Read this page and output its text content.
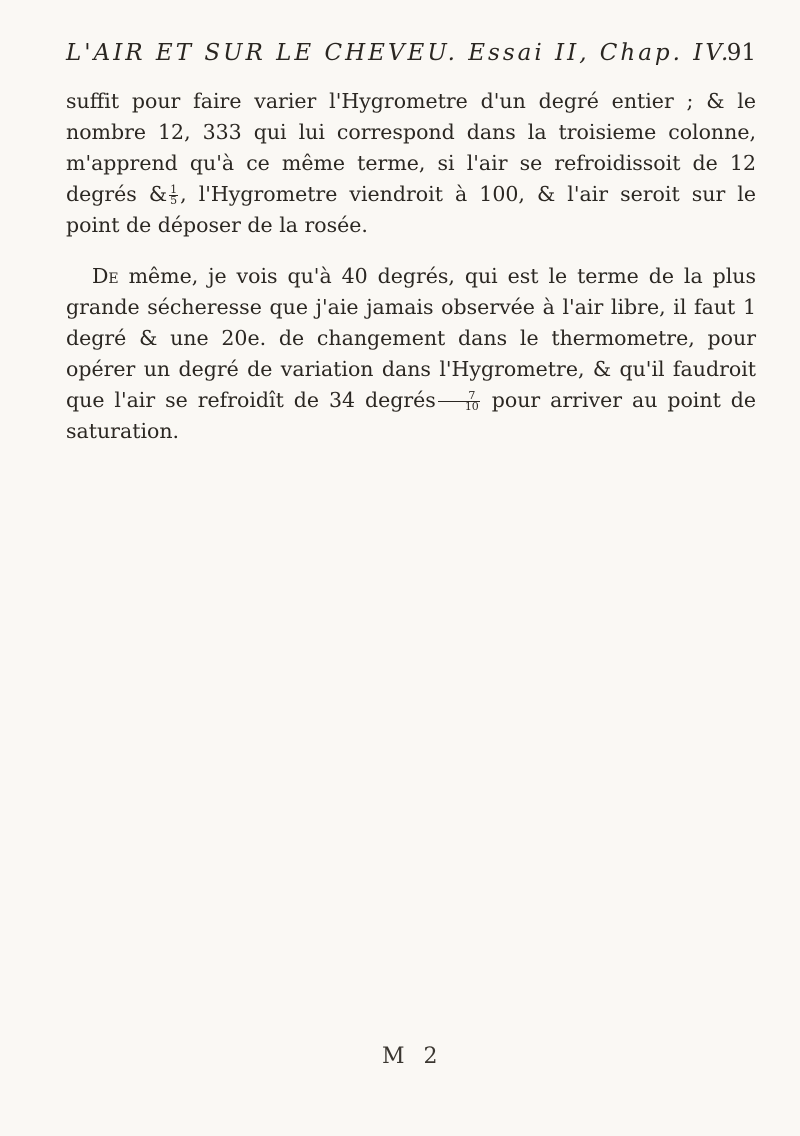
L'AIR ET SUR LE CHEVEU. Essai II, Chap. IV.
91

suffit pour faire varier l'Hygrometre d'un degré entier ; & le nombre 12, 333 qui lui correspond dans la troisieme colonne, m'apprend qu'à ce même terme, si l'air se refroidissoit de 12 degrés & $\frac{1}{5}$ , l'Hygrometre viendroit à 100, & l'air seroit sur le point de déposer de la rosée.

De même, je vois qu'à 40 degrés, qui est le terme de la plus grande sécheresse que j'aie jamais observée à l'air libre, il faut 1 degré & une 20e. de changement dans le thermometre, pour opérer un degré de variation dans l'Hygrometre, & qu'il faudroit que l'air se refroidît de 34 degrés $\frac{7}{10}$ pour arriver au point de saturation.

M 2
